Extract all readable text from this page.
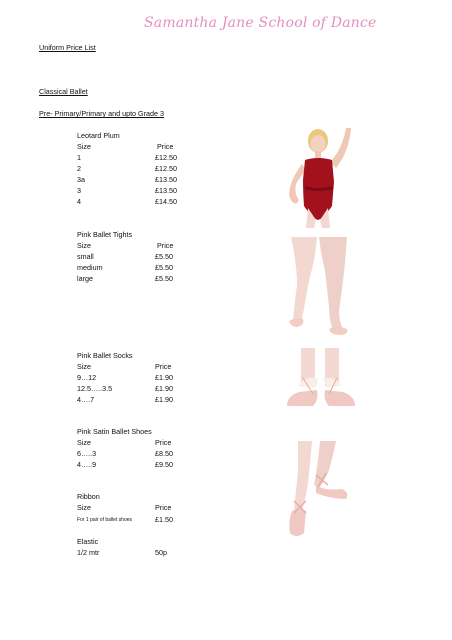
Samantha Jane School of Dance
Uniform Price List
Classical Ballet
Pre- Primary/Primary and upto Grade 3
Leotard Plum
Size	Price
1	£12.50
2	£12.50
3a	£13.50
3	£13.50
4	£14.50
Pink Ballet Tights
Size	Price
small	£5.50
medium	£5.50
large	£5.50
Pink Ballet Socks
Size	Price
9…12	£1.90
12.5…..3.5	£1.90
4….7	£1.90
Pink Satin Ballet Shoes
Size	Price
6…..3	£8.50
4…..9	£9.50
Ribbon
Size	Price
For 1 pair of ballet shoes	£1.50
Elastic
1/2 mtr	50p
